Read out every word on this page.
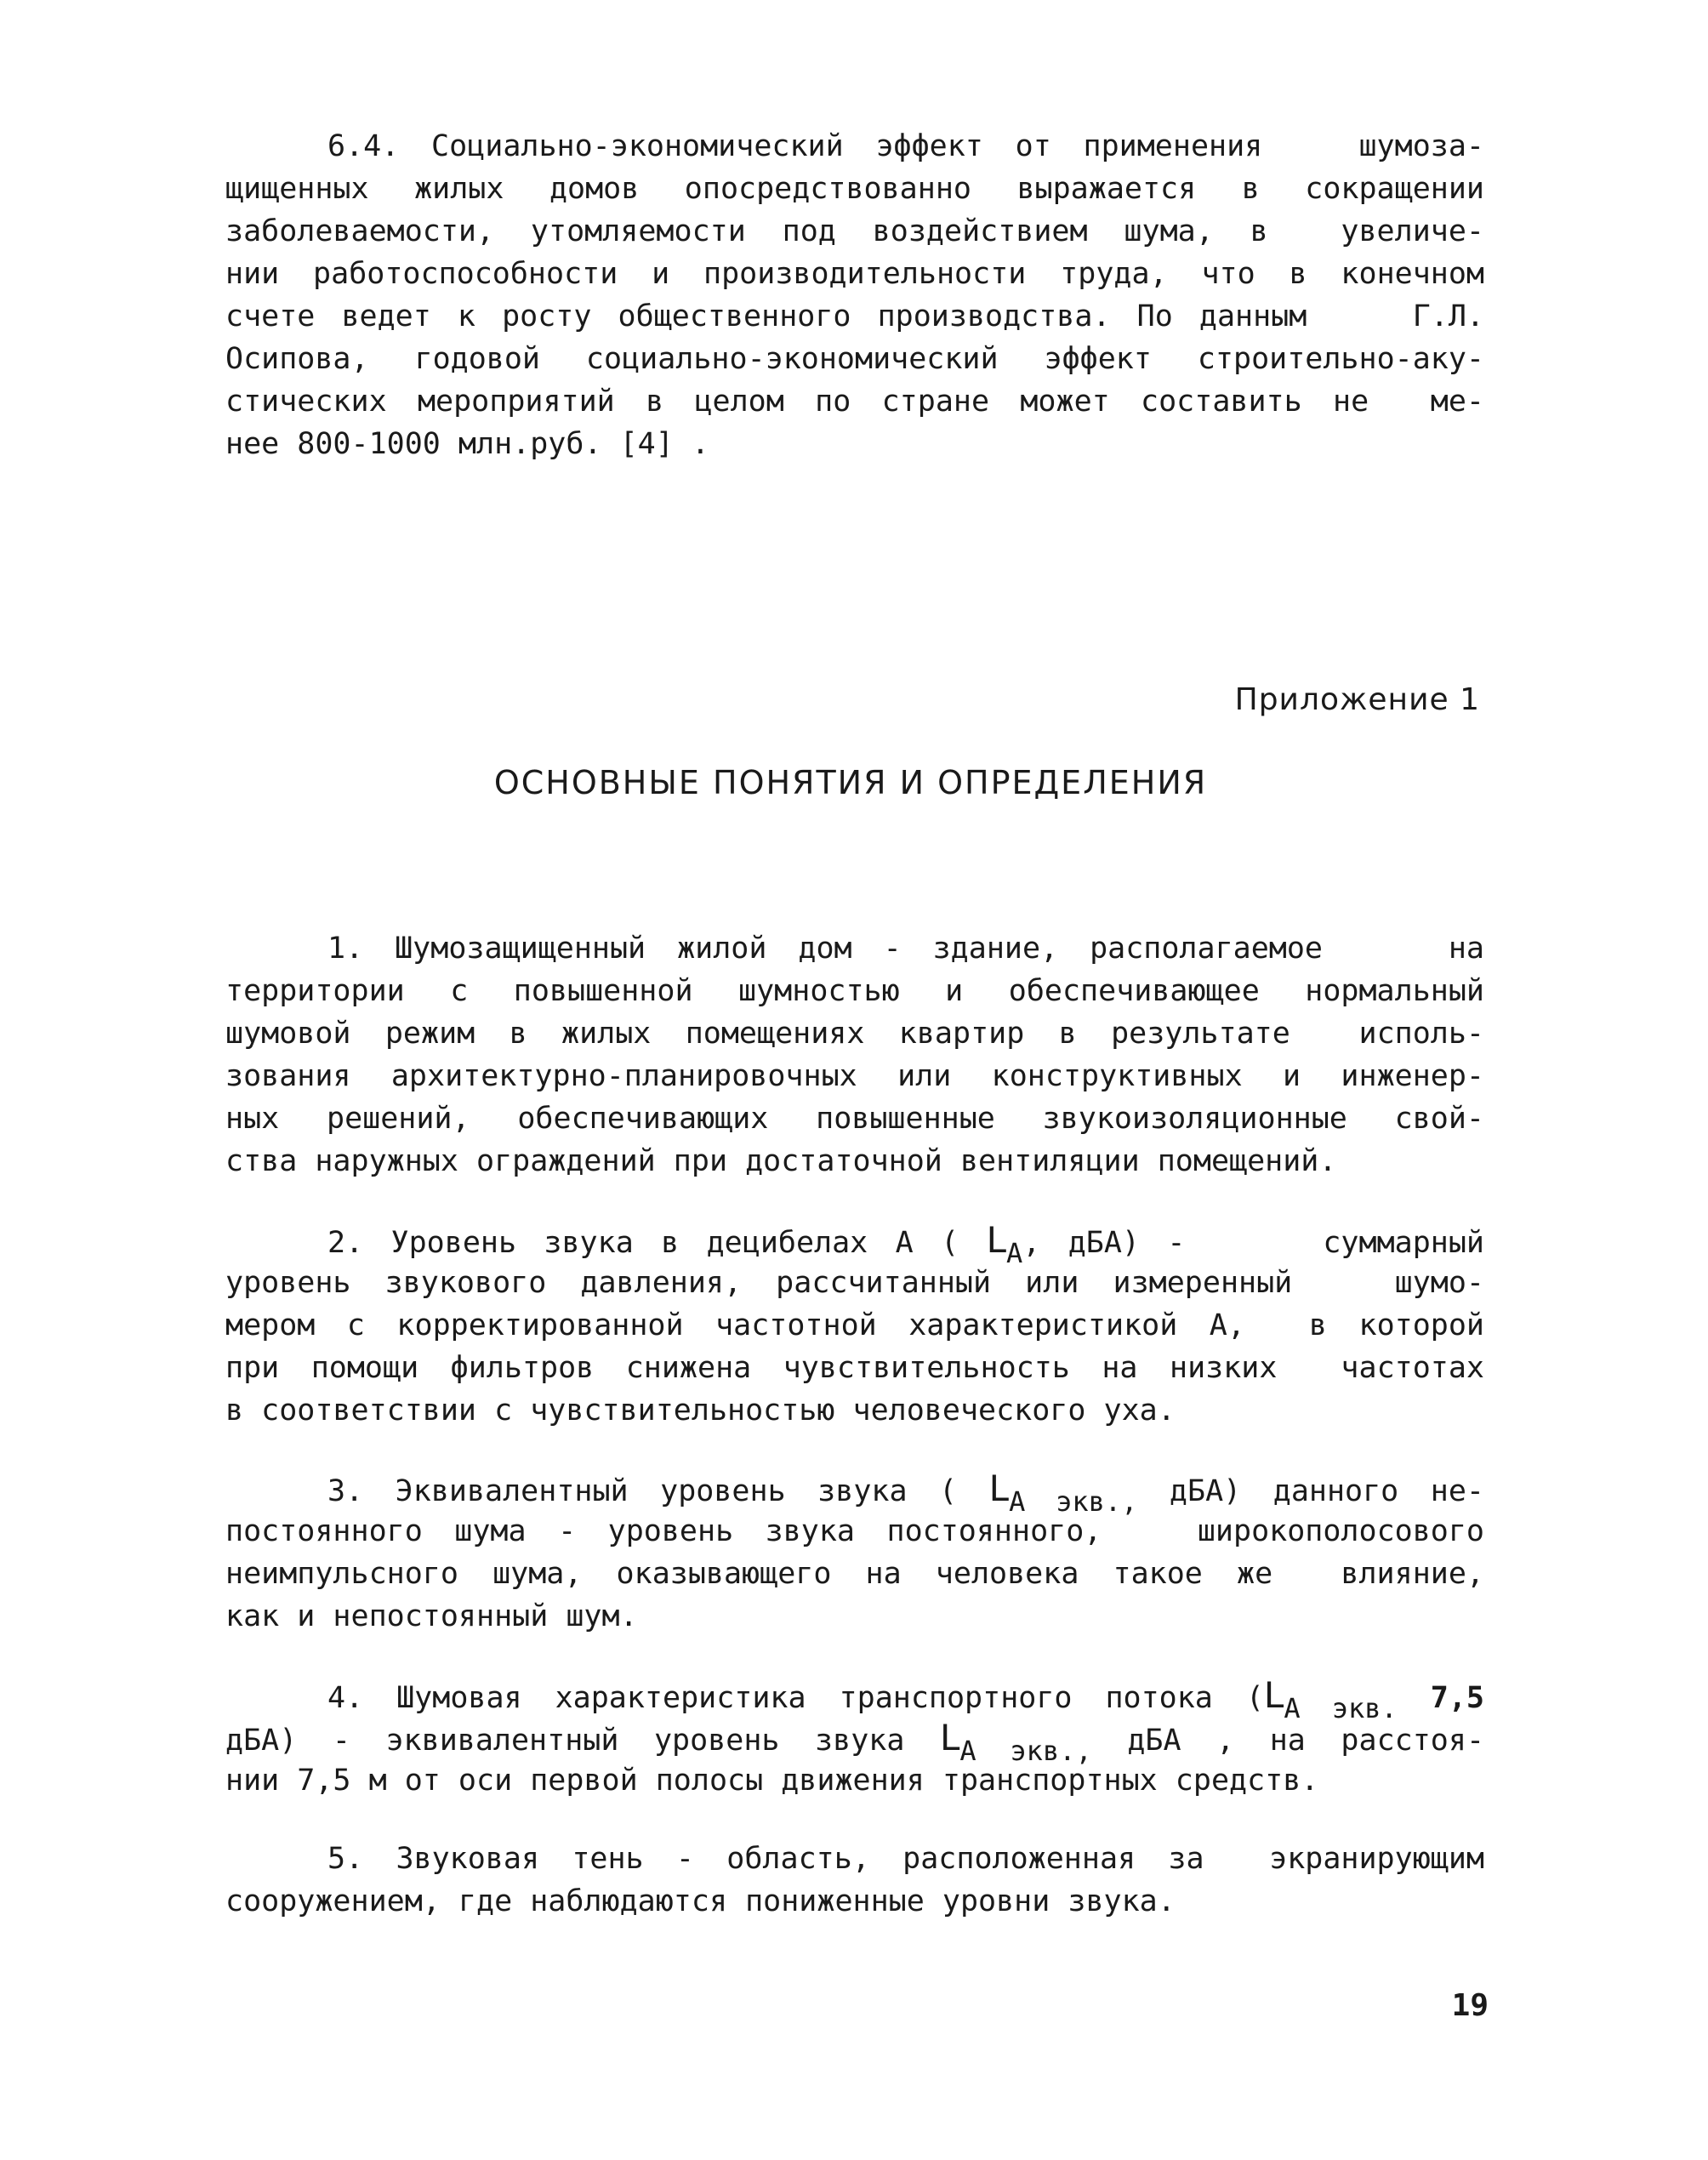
6.4. Социально-экономический эффект от применения   шумоза-
щищенных жилых домов опосредствованно выражается в сокращении
заболеваемости, утомляемости под воздействием шума, в  увеличе-
нии работоспособности и производительности труда, что в конечном
счете ведет к росту общественного производства. По данным    Г.Л.
Осипова, годовой социально-экономический эффект строительно-аку-
стических мероприятий в целом по стране может составить не  ме-
нее 800-1000 млн.руб. [4] .
Приложение 1
ОСНОВНЫЕ ПОНЯТИЯ И ОПРЕДЕЛЕНИЯ
1. Шумозащищенный жилой дом - здание, располагаемое    на
территории с повышенной шумностью и обеспечивающее нормальный
шумовой режим в жилых помещениях квартир в результате  исполь-
зования архитектурно-планировочных или конструктивных и инженер-
ных решений, обеспечивающих повышенные звукоизоляционные свой-
ства наружных ограждений при достаточной вентиляции помещений.
2. Уровень звука в децибелах А ( LA, дБА) -     суммарный
уровень звукового давления, рассчитанный или измеренный   шумо-
мером с корректированной частотной характеристикой А,  в которой
при помощи фильтров снижена чувствительность на низких  частотах
в соответствии с чувствительностью человеческого уха.
3. Эквивалентный уровень звука ( LА экв., дБА) данного не-
постоянного шума - уровень звука постоянного,   широкополосового
неимпульсного шума, оказывающего на человека такое же  влияние,
как и непостоянный шум.
4. Шумовая характеристика транспортного потока (LА экв. 7,5
дБА) - эквивалентный уровень звука LА экв., дБА , на расстоя-
нии 7,5 м от оси первой полосы движения транспортных средств.
5. Звуковая тень - область, расположенная за  экранирующим
сооружением, где наблюдаются пониженные уровни звука.
19
